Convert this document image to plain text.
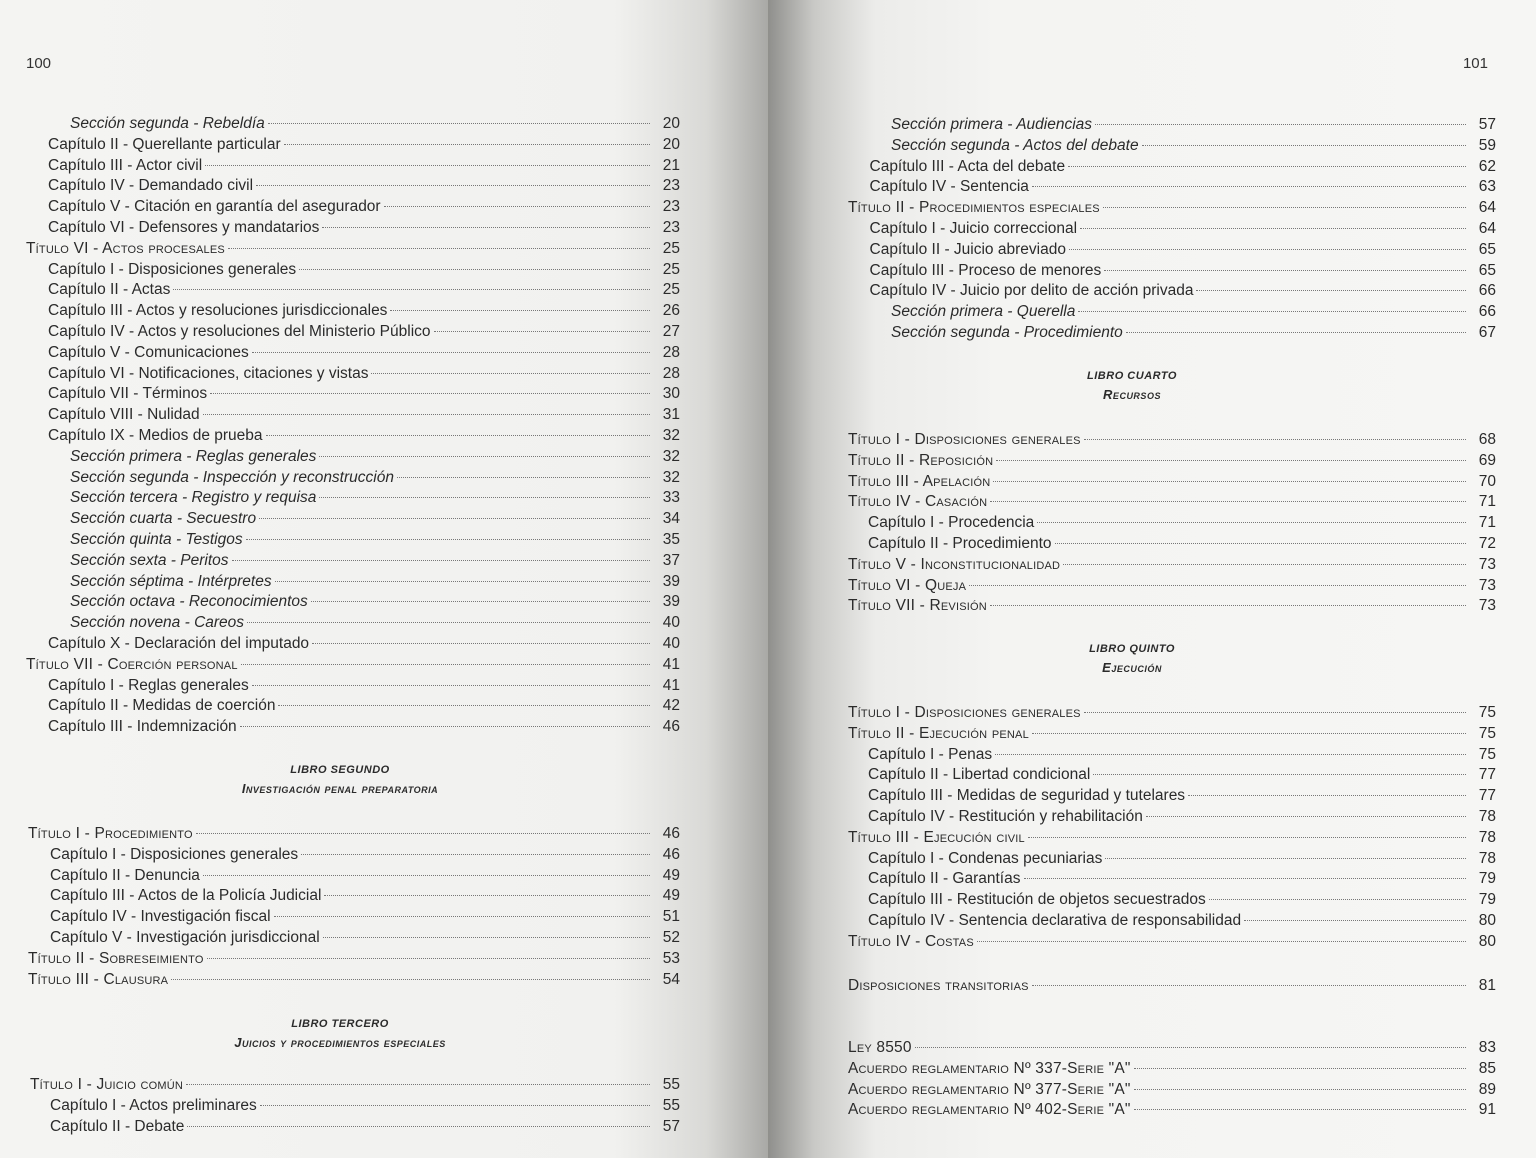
100
Sección segunda - Rebeldía	20
Capítulo II - Querellante particular	20
Capítulo III - Actor civil	21
Capítulo IV - Demandado civil	23
Capítulo V - Citación en garantía del asegurador	23
Capítulo VI - Defensores y mandatarios	23
Título VI - Actos procesales	25
Capítulo I - Disposiciones generales	25
Capítulo II - Actas	25
Capítulo III - Actos y resoluciones jurisdiccionales	26
Capítulo IV - Actos y resoluciones del Ministerio Público	27
Capítulo V - Comunicaciones	28
Capítulo VI - Notificaciones, citaciones y vistas	28
Capítulo VII - Términos	30
Capítulo VIII - Nulidad	31
Capítulo IX - Medios de prueba	32
Sección primera - Reglas generales	32
Sección segunda - Inspección y reconstrucción	32
Sección tercera - Registro y requisa	33
Sección cuarta - Secuestro	34
Sección quinta - Testigos	35
Sección sexta - Peritos	37
Sección séptima - Intérpretes	39
Sección octava - Reconocimientos	39
Sección novena - Careos	40
Capítulo X - Declaración del imputado	40
Título VII - Coerción personal	41
Capítulo I - Reglas generales	41
Capítulo II - Medidas de coerción	42
Capítulo III - Indemnización	46
LIBRO SEGUNDO
Investigación penal preparatoria
Título I - Procedimiento	46
Capítulo I - Disposiciones generales	46
Capítulo II - Denuncia	49
Capítulo III - Actos de la Policía Judicial	49
Capítulo IV - Investigación fiscal	51
Capítulo V - Investigación jurisdiccional	52
Título II - Sobreseimiento	53
Título III - Clausura	54
LIBRO TERCERO
Juicios y procedimientos especiales
Título I - Juicio común	55
Capítulo I - Actos preliminares	55
Capítulo II - Debate	57
101
Sección primera - Audiencias	57
Sección segunda - Actos del debate	59
Capítulo III - Acta del debate	62
Capítulo IV - Sentencia	63
Título II - Procedimientos especiales	64
Capítulo I - Juicio correccional	64
Capítulo II - Juicio abreviado	65
Capítulo III - Proceso de menores	65
Capítulo IV - Juicio por delito de acción privada	66
Sección primera - Querella	66
Sección segunda - Procedimiento	67
LIBRO CUARTO
Recursos
Título I - Disposiciones generales	68
Título II - Reposición	69
Título III - Apelación	70
Título IV - Casación	71
Capítulo I - Procedencia	71
Capítulo II - Procedimiento	72
Título V - Inconstitucionalidad	73
Título VI - Queja	73
Título VII - Revisión	73
LIBRO QUINTO
Ejecución
Título I - Disposiciones generales	75
Título II - Ejecución penal	75
Capítulo I - Penas	75
Capítulo II - Libertad condicional	77
Capítulo III - Medidas de seguridad y tutelares	77
Capítulo IV - Restitución y rehabilitación	78
Título III - Ejecución civil	78
Capítulo I - Condenas pecuniarias	78
Capítulo II - Garantías	79
Capítulo III - Restitución de objetos secuestrados	79
Capítulo IV - Sentencia declarativa de responsabilidad	80
Título IV - Costas	80
Disposiciones transitorias	81
Ley 8550	83
Acuerdo reglamentario Nº 337-Serie "A"	85
Acuerdo reglamentario Nº 377-Serie "A"	89
Acuerdo reglamentario Nº 402-Serie "A"	91
